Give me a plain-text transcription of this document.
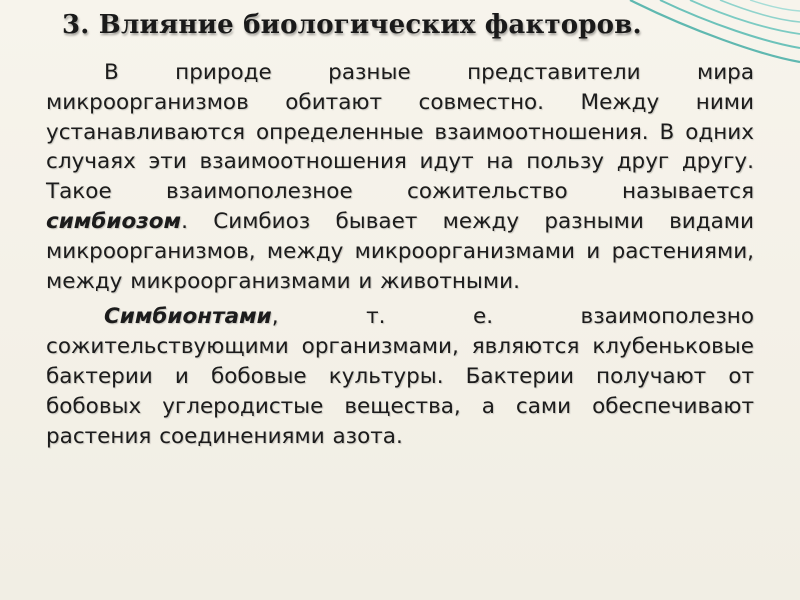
3. Влияние биологических факторов.

В природе разные представители мира микроорганизмов обитают совместно. Между ними устанавливаются определенные взаимоотношения. В одних случаях эти взаимоотношения идут на пользу друг другу. Такое взаимополезное сожительство называется симбиозом. Симбиоз бывает между разными видами микроорганизмов, между микроорганизмами и растениями, между микроорганизмами и животными.

Симбионтами, т. е. взаимополезно сожительствующими организмами, являются клубеньковые бактерии и бобовые культуры. Бактерии получают от бобовых углеродистые вещества, а сами обеспечивают растения соединениями азота.
